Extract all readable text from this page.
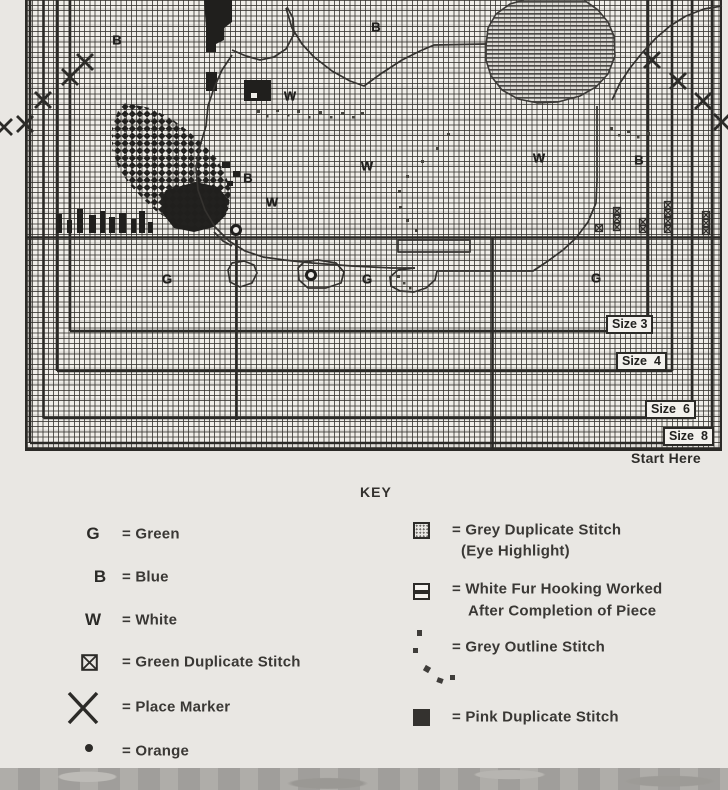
B
B
W
W
W	B
B
W
G	G	G
Size 3
Size  4
Size  6
Size  8
Start Here
KEY
G = Green
B = Blue
W = White
= Green Duplicate Stitch
= Place Marker
= Orange
= Grey Duplicate Stitch
(Eye Highlight)
= White Fur Hooking Worked
After Completion of Piece
= Grey Outline Stitch
= Pink Duplicate Stitch
